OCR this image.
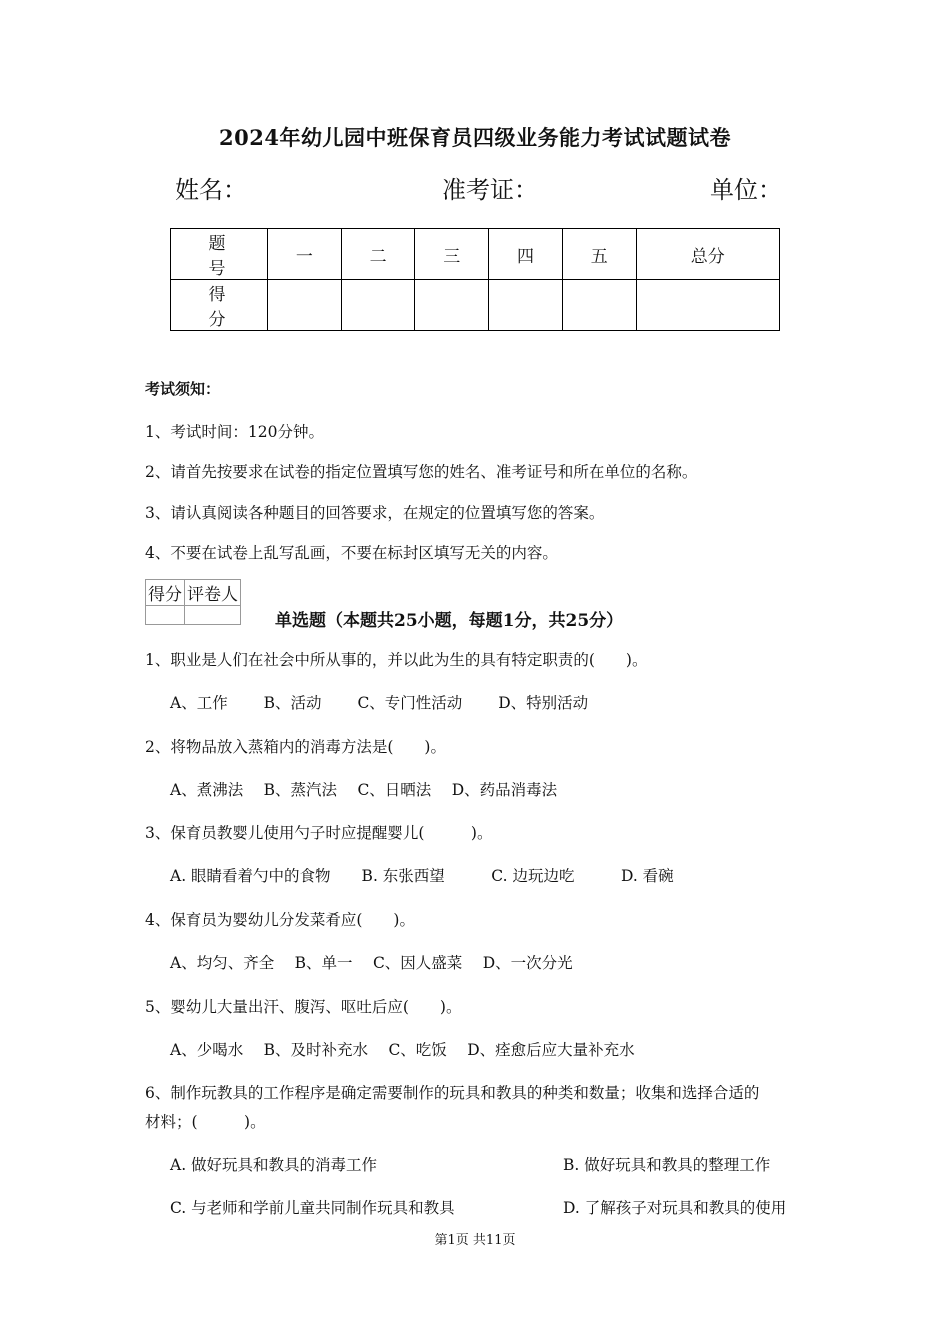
2024年幼儿园中班保育员四级业务能力考试试题试卷
姓名：	准考证：	单位：
题　号	一	二	三	四	五	总分
得　分						
考试须知：
1、考试时间：120分钟。
2、请首先按要求在试卷的指定位置填写您的姓名、准考证号和所在单位的名称。
3、请认真阅读各种题目的回答要求，在规定的位置填写您的答案。
4、不要在试卷上乱写乱画，不要在标封区填写无关的内容。
得分	评卷人

单选题（本题共25小题，每题1分，共25分）
1、职业是人们在社会中所从事的，并以此为生的具有特定职责的(　　)。
A、工作　　 B、活动　　 C、专门性活动　　 D、特别活动
2、将物品放入蒸箱内的消毒方法是(　　)。
A、煮沸法　 B、蒸汽法　 C、日晒法　 D、药品消毒法
3、保育员教婴儿使用勺子时应提醒婴儿(　　　)。
A. 眼睛看着勺中的食物　　B. 东张西望　　　C. 边玩边吃　　　D. 看碗
4、保育员为婴幼儿分发菜肴应(　　)。
A、均匀、齐全　 B、单一　 C、因人盛菜　 D、一次分光
5、婴幼儿大量出汗、腹泻、呕吐后应(　　)。
A、少喝水　 B、及时补充水　 C、吃饭　 D、痊愈后应大量补充水
6、制作玩教具的工作程序是确定需要制作的玩具和教具的种类和数量；收集和选择合适的
材料；(　　　)。
A. 做好玩具和教具的消毒工作	B. 做好玩具和教具的整理工作
C. 与老师和学前儿童共同制作玩具和教具	D. 了解孩子对玩具和教具的使用
第1页 共11页
